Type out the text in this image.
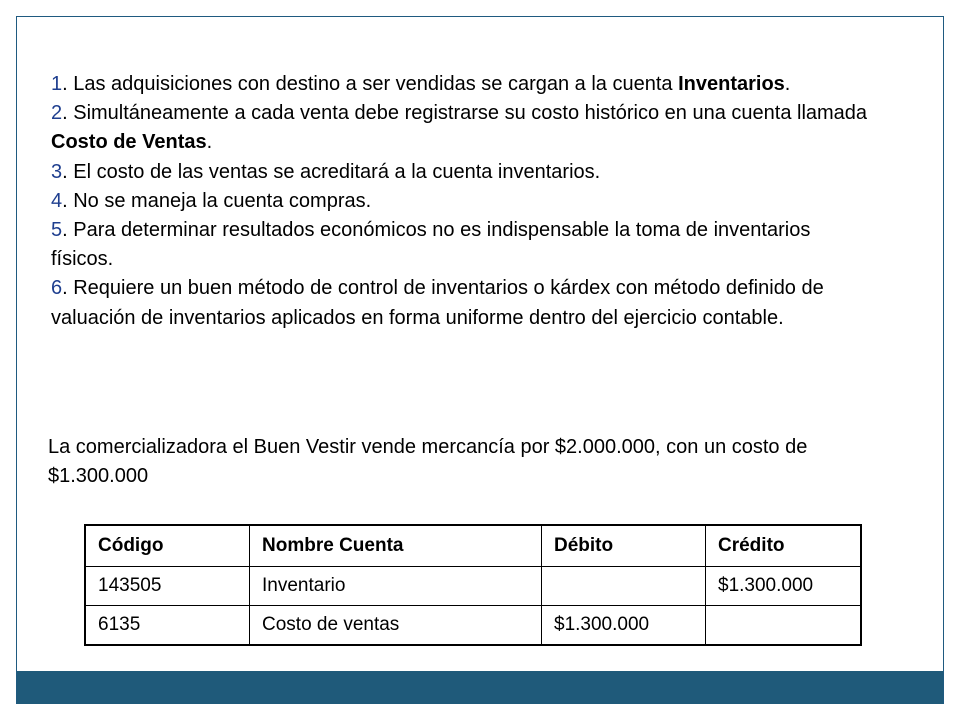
1. Las adquisiciones con destino a ser vendidas se cargan a la cuenta Inventarios.
2. Simultáneamente a cada venta debe registrarse su costo histórico en una cuenta llamada Costo de Ventas.
3. El costo de las ventas se acreditará a la cuenta inventarios.
4. No se maneja la cuenta compras.
5. Para determinar resultados económicos no es indispensable la toma de inventarios físicos.
6. Requiere un buen método de control de inventarios o kárdex con método definido de valuación de inventarios aplicados en forma uniforme dentro del ejercicio contable.

La comercializadora el Buen Vestir vende mercancía por $2.000.000, con un costo de $1.300.000

Código	Nombre Cuenta	Débito	Crédito
143505	Inventario		$1.300.000
6135	Costo de ventas	$1.300.000	
